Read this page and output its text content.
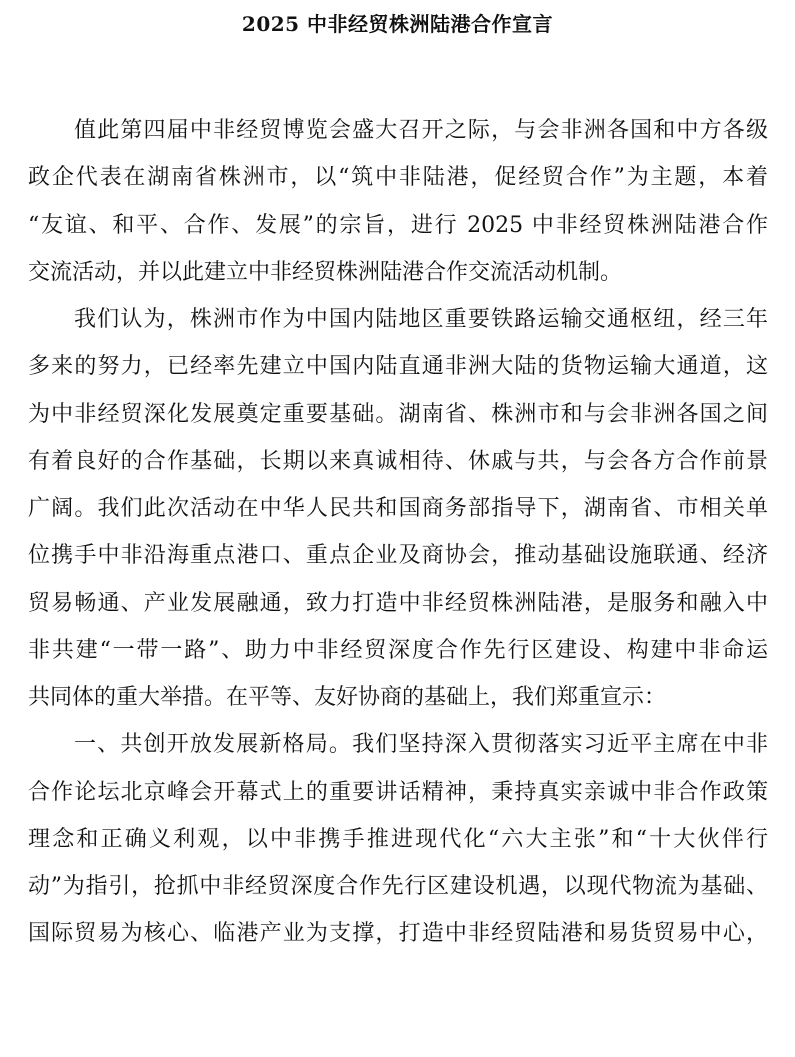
2025 中非经贸株洲陆港合作宣言
值此第四届中非经贸博览会盛大召开之际，与会非洲各国和中方各级
政企代表在湖南省株洲市，以“筑中非陆港，促经贸合作”为主题，本着
“友谊、和平、合作、发展”的宗旨，进行 2025 中非经贸株洲陆港合作
交流活动，并以此建立中非经贸株洲陆港合作交流活动机制。
我们认为，株洲市作为中国内陆地区重要铁路运输交通枢纽，经三年
多来的努力，已经率先建立中国内陆直通非洲大陆的货物运输大通道，这
为中非经贸深化发展奠定重要基础。湖南省、株洲市和与会非洲各国之间
有着良好的合作基础，长期以来真诚相待、休戚与共，与会各方合作前景
广阔。我们此次活动在中华人民共和国商务部指导下，湖南省、市相关单
位携手中非沿海重点港口、重点企业及商协会，推动基础设施联通、经济
贸易畅通、产业发展融通，致力打造中非经贸株洲陆港，是服务和融入中
非共建“一带一路”、助力中非经贸深度合作先行区建设、构建中非命运
共同体的重大举措。在平等、友好协商的基础上，我们郑重宣示：
一、共创开放发展新格局。我们坚持深入贯彻落实习近平主席在中非
合作论坛北京峰会开幕式上的重要讲话精神，秉持真实亲诚中非合作政策
理念和正确义利观，以中非携手推进现代化“六大主张”和“十大伙伴行
动”为指引，抢抓中非经贸深度合作先行区建设机遇，以现代物流为基础、
国际贸易为核心、临港产业为支撑，打造中非经贸陆港和易货贸易中心，
